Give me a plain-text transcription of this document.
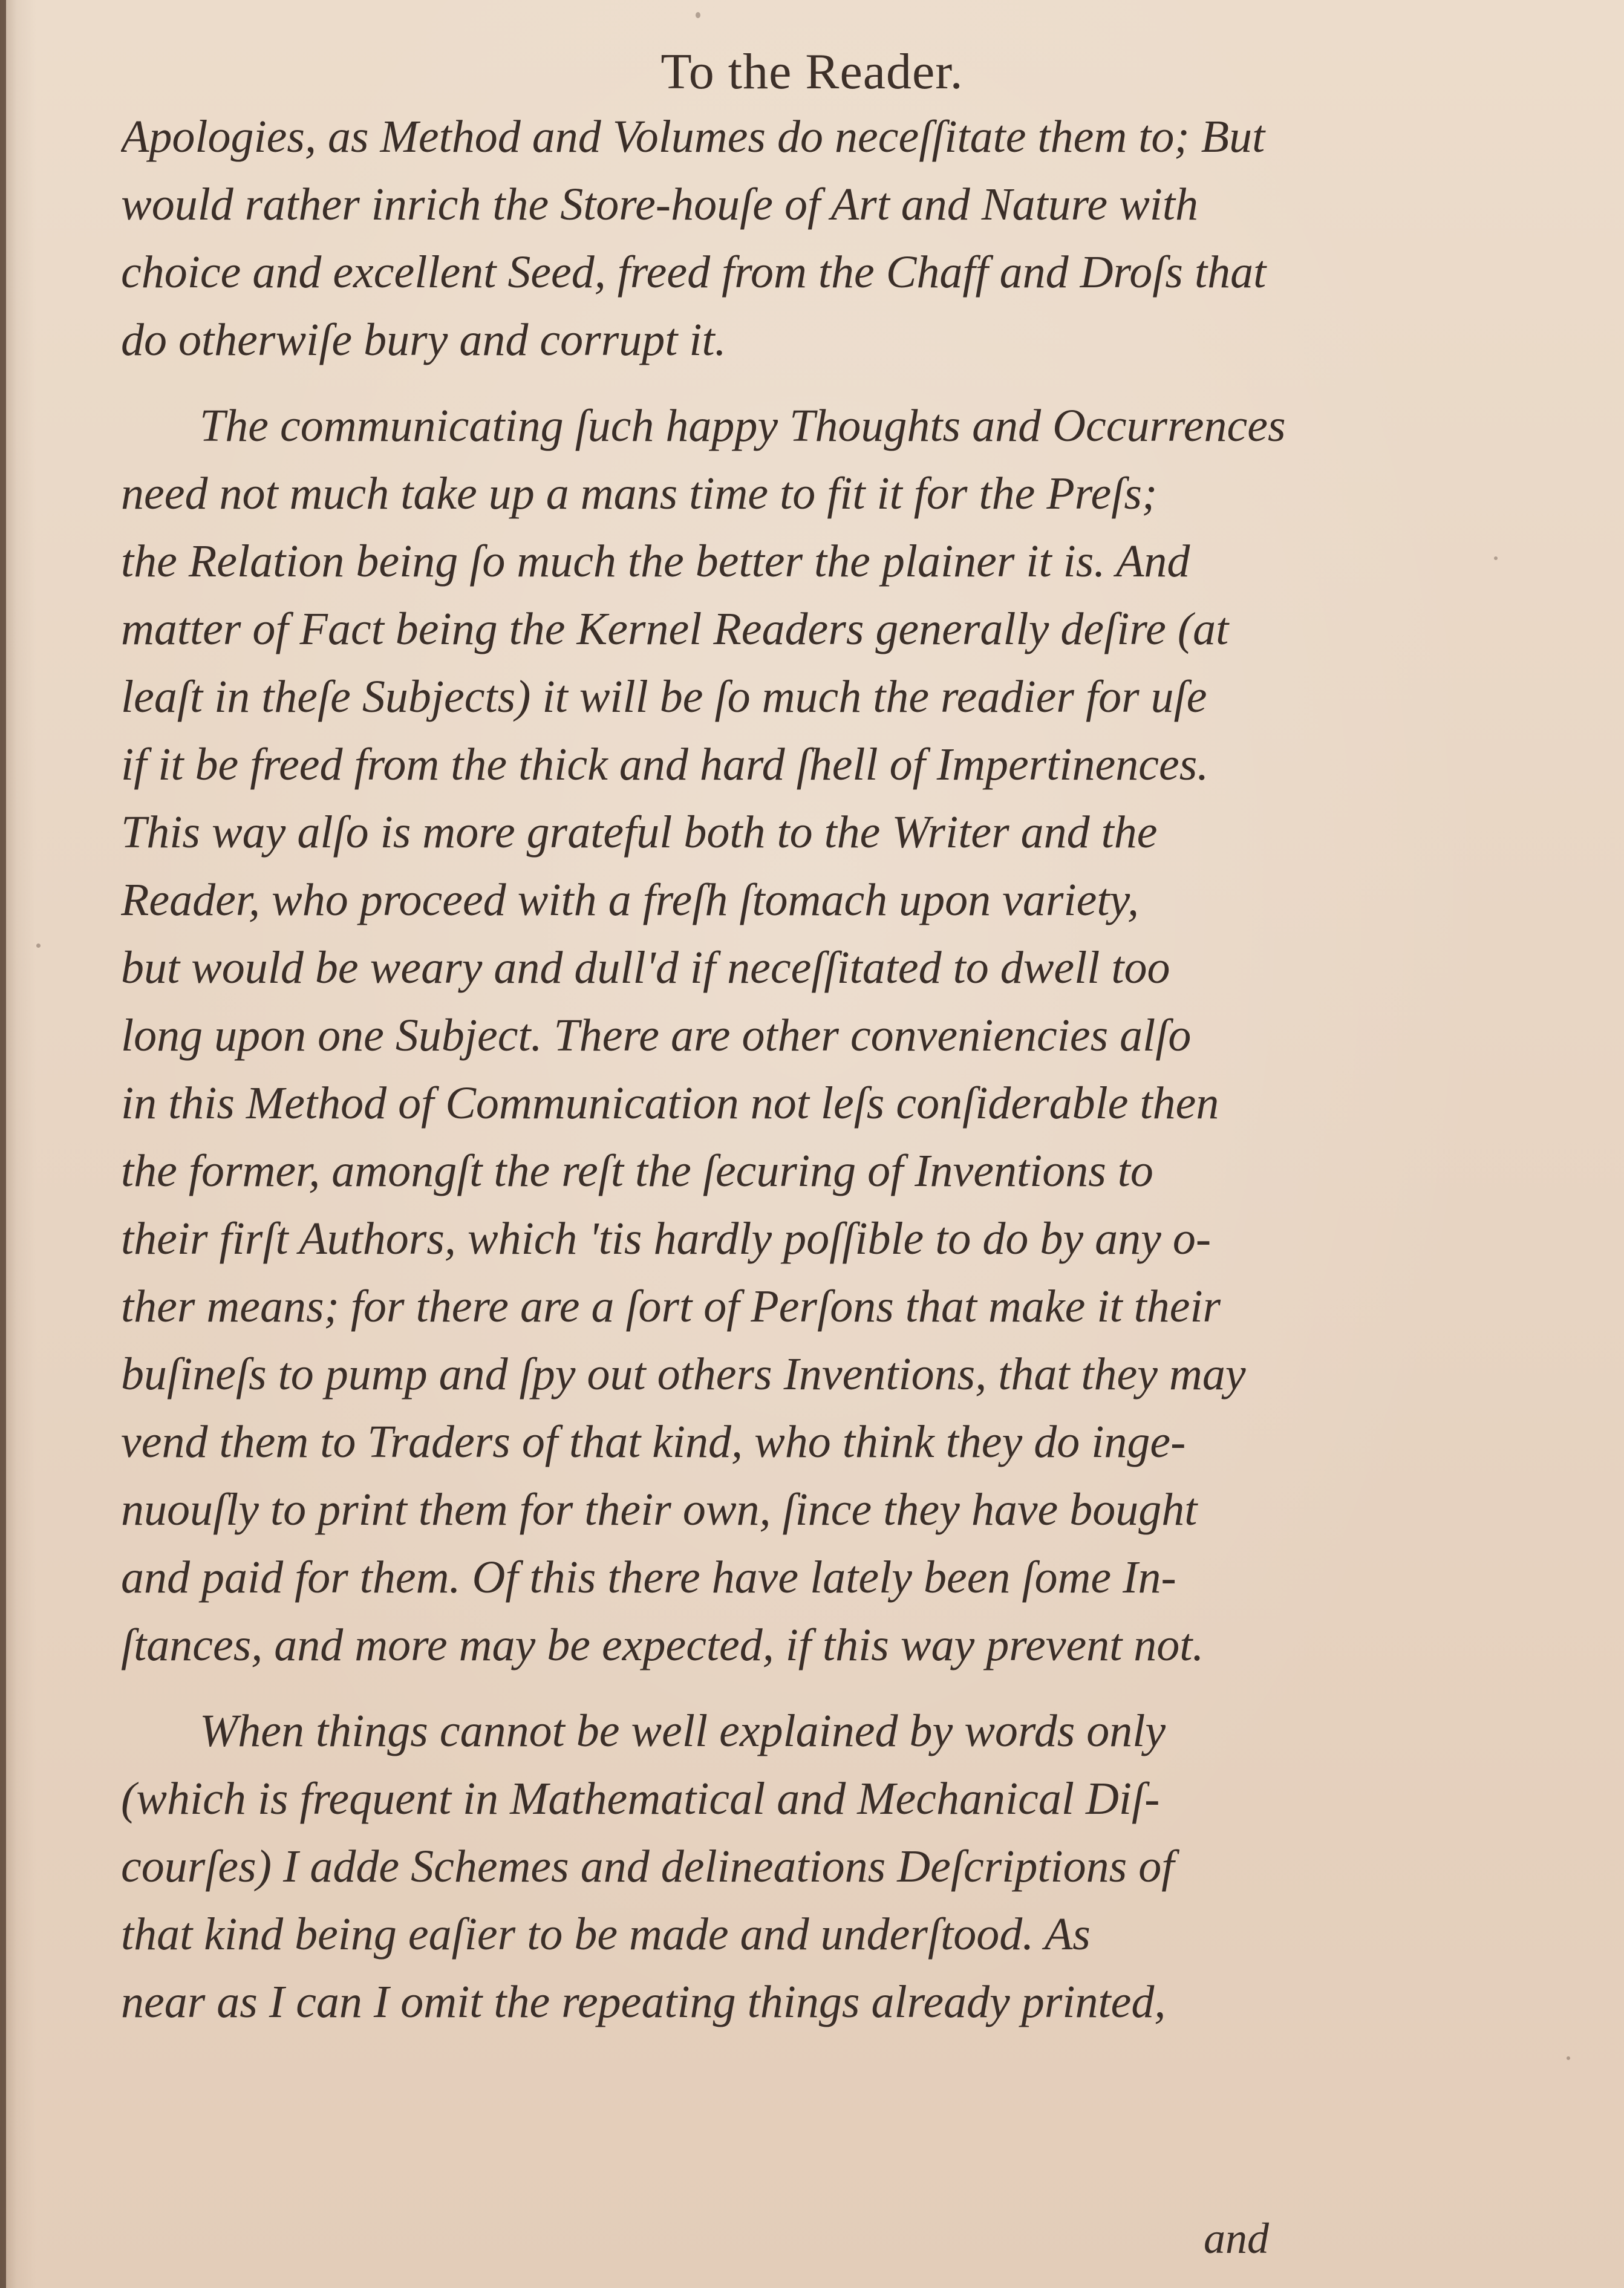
To the Reader.
Apologies, as Method and Volumes do neceſſitate them to; But
would rather inrich the Store-houſe of Art and Nature with
choice and excellent Seed, freed from the Chaff and Droſs that
do otherwiſe bury and corrupt it.
The communicating ſuch happy Thoughts and Occurrences
need not much take up a mans time to fit it for the Preſs;
the Relation being ſo much the better the plainer it is. And
matter of Fact being the Kernel Readers generally deſire (at
leaſt in theſe Subjects) it will be ſo much the readier for uſe
if it be freed from the thick and hard ſhell of Impertinences.
This way alſo is more grateful both to the Writer and the
Reader, who proceed with a freſh ſtomach upon variety,
but would be weary and dull'd if neceſſitated to dwell too
long upon one Subject. There are other conveniencies alſo
in this Method of Communication not leſs conſiderable then
the former, amongſt the reſt the ſecuring of Inventions to
their firſt Authors, which 'tis hardly poſſible to do by any o-
ther means; for there are a ſort of Perſons that make it their
buſineſs to pump and ſpy out others Inventions, that they may
vend them to Traders of that kind, who think they do inge-
nuouſly to print them for their own, ſince they have bought
and paid for them. Of this there have lately been ſome In-
ſtances, and more may be expected, if this way prevent not.
When things cannot be well explained by words only
(which is frequent in Mathematical and Mechanical Diſ-
courſes) I adde Schemes and delineations Deſcriptions of
that kind being eaſier to be made and underſtood. As
near as I can I omit the repeating things already printed,
and
